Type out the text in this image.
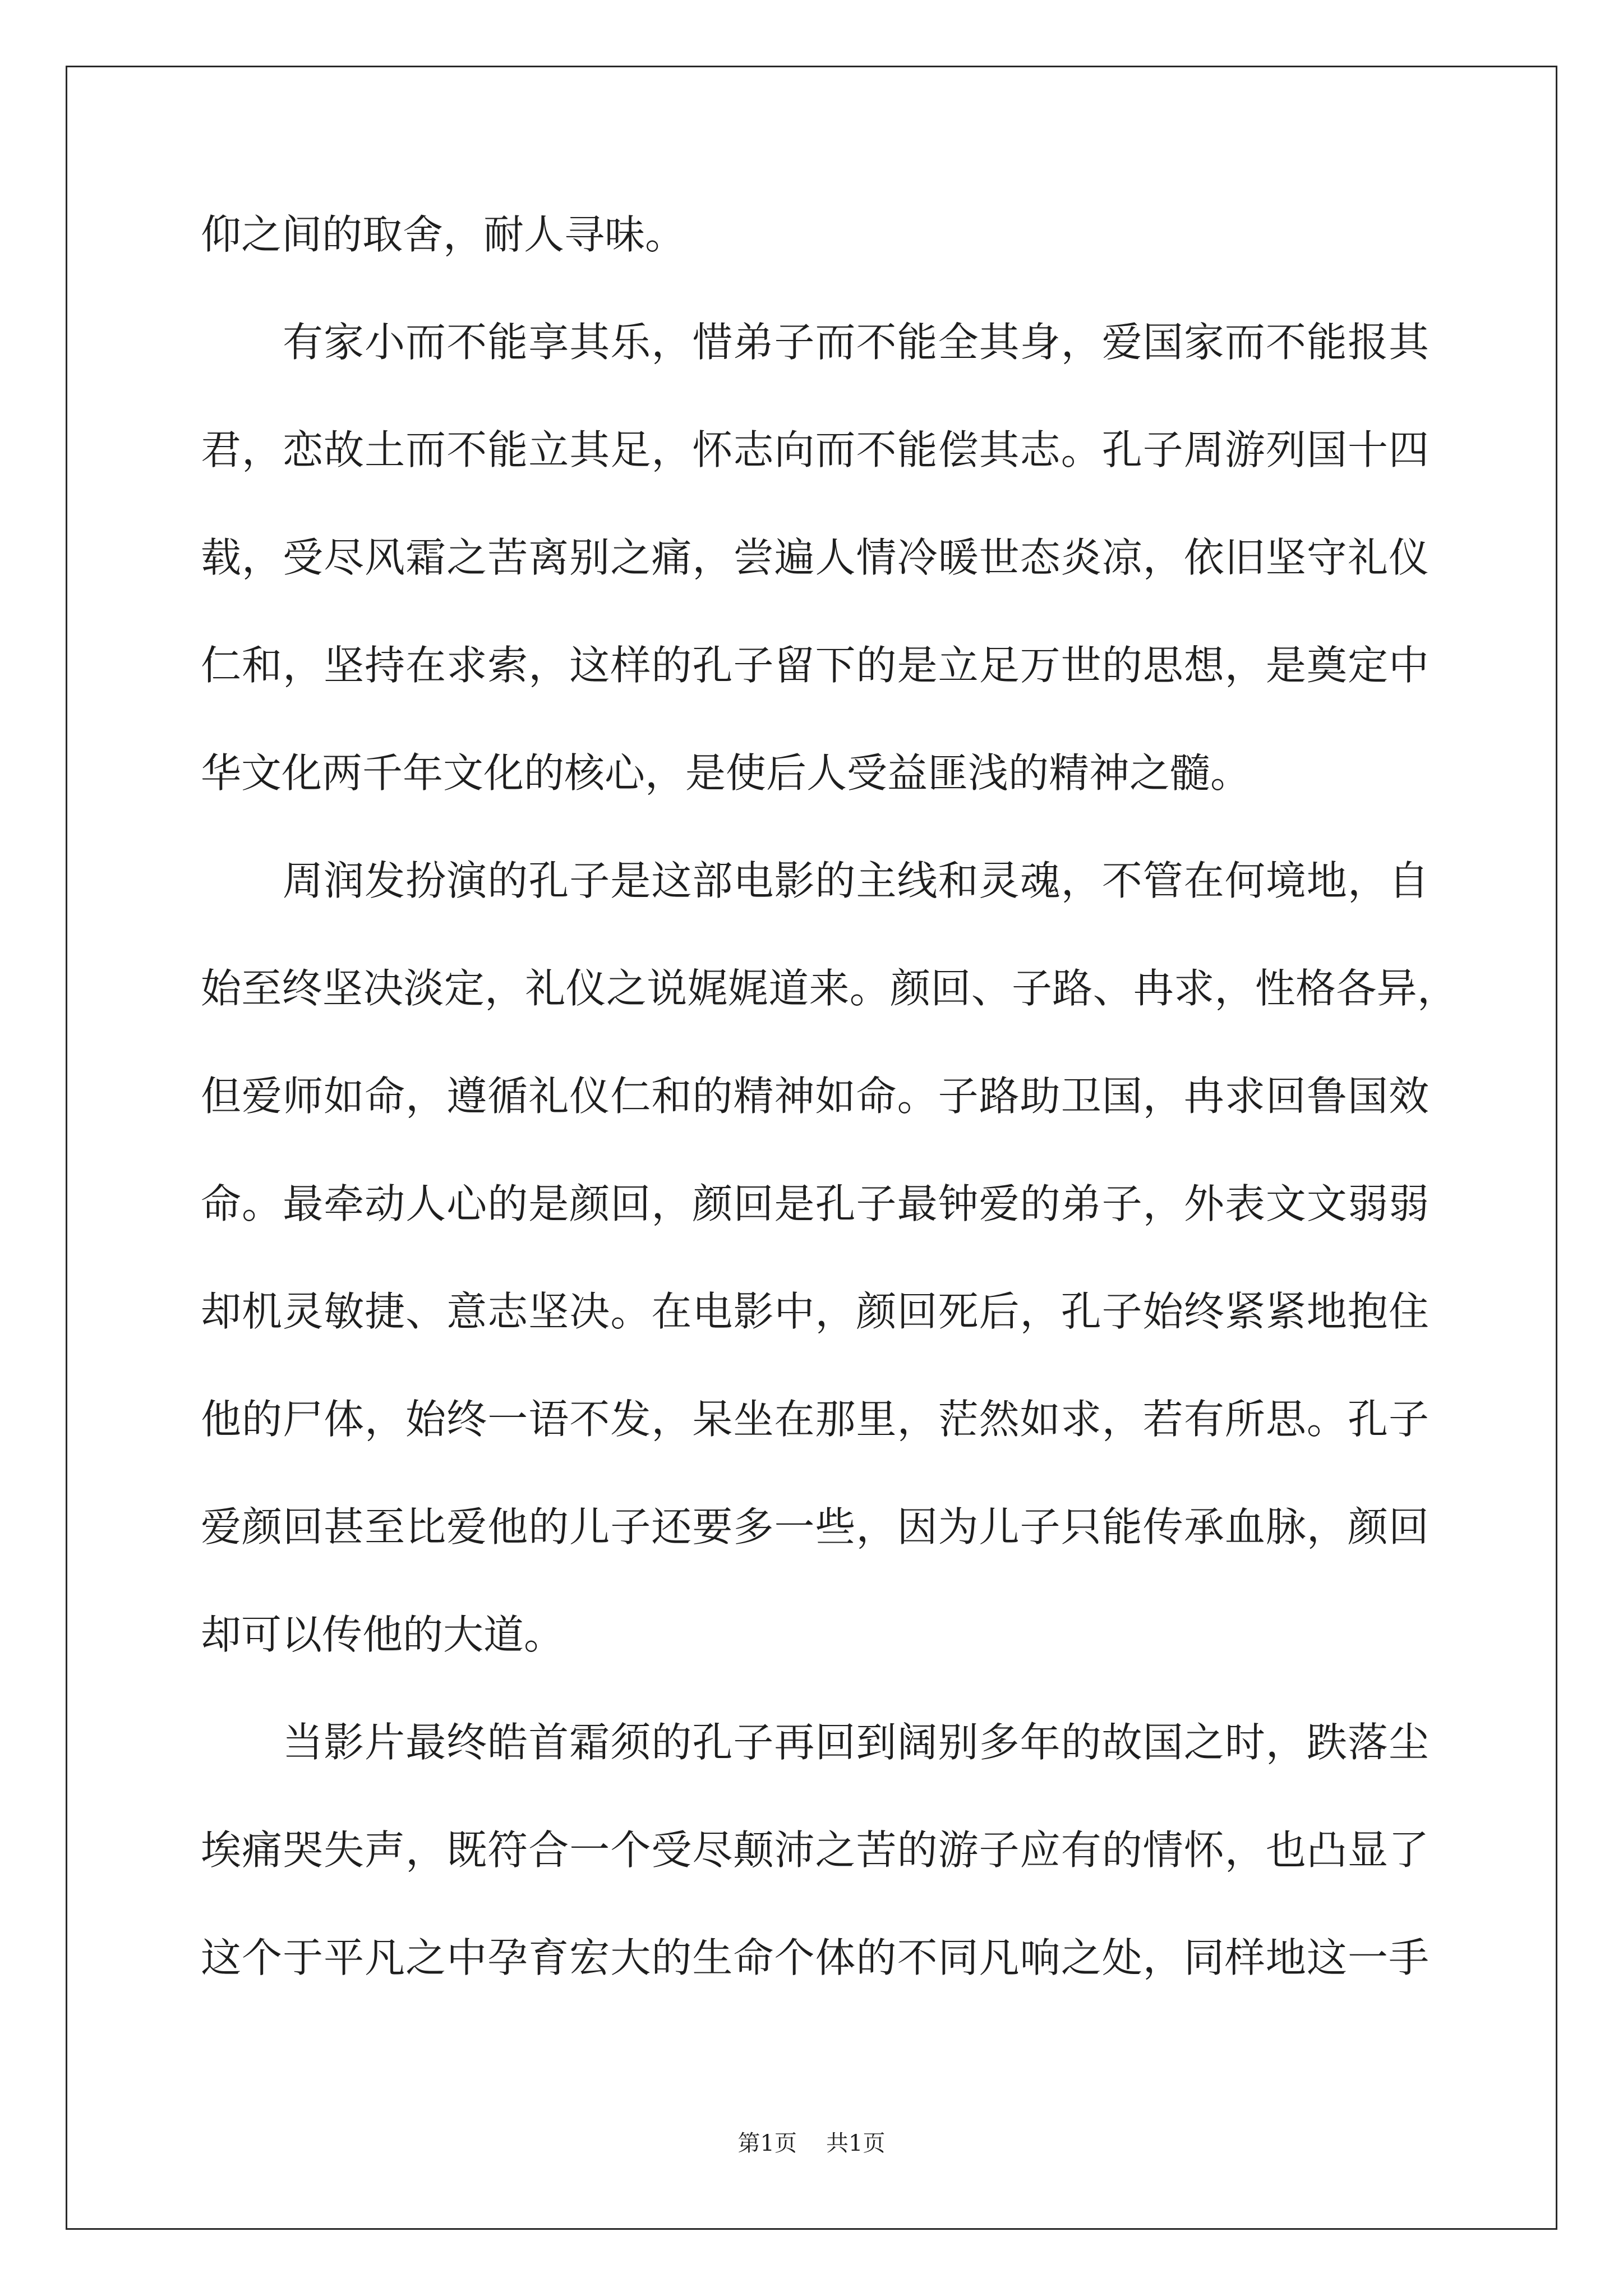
仰之间的取舍，耐人寻味。
有家小而不能享其乐，惜弟子而不能全其身，爱国家而不能报其
君，恋故土而不能立其足，怀志向而不能偿其志。孔子周游列国十四
载，受尽风霜之苦离别之痛，尝遍人情冷暖世态炎凉，依旧坚守礼仪
仁和，坚持在求索，这样的孔子留下的是立足万世的思想，是奠定中
华文化两千年文化的核心，是使后人受益匪浅的精神之髓。
周润发扮演的孔子是这部电影的主线和灵魂，不管在何境地，自
始至终坚决淡定，礼仪之说娓娓道来。颜回、子路、冉求，性格各异，
但爱师如命，遵循礼仪仁和的精神如命。子路助卫国，冉求回鲁国效
命。最牵动人心的是颜回，颜回是孔子最钟爱的弟子，外表文文弱弱
却机灵敏捷、意志坚决。在电影中，颜回死后，孔子始终紧紧地抱住
他的尸体，始终一语不发，呆坐在那里，茫然如求，若有所思。孔子
爱颜回甚至比爱他的儿子还要多一些，因为儿子只能传承血脉，颜回
却可以传他的大道。
当影片最终皓首霜须的孔子再回到阔别多年的故国之时，跌落尘
埃痛哭失声，既符合一个受尽颠沛之苦的游子应有的情怀，也凸显了
这个于平凡之中孕育宏大的生命个体的不同凡响之处，同样地这一手
第1页 共1页
